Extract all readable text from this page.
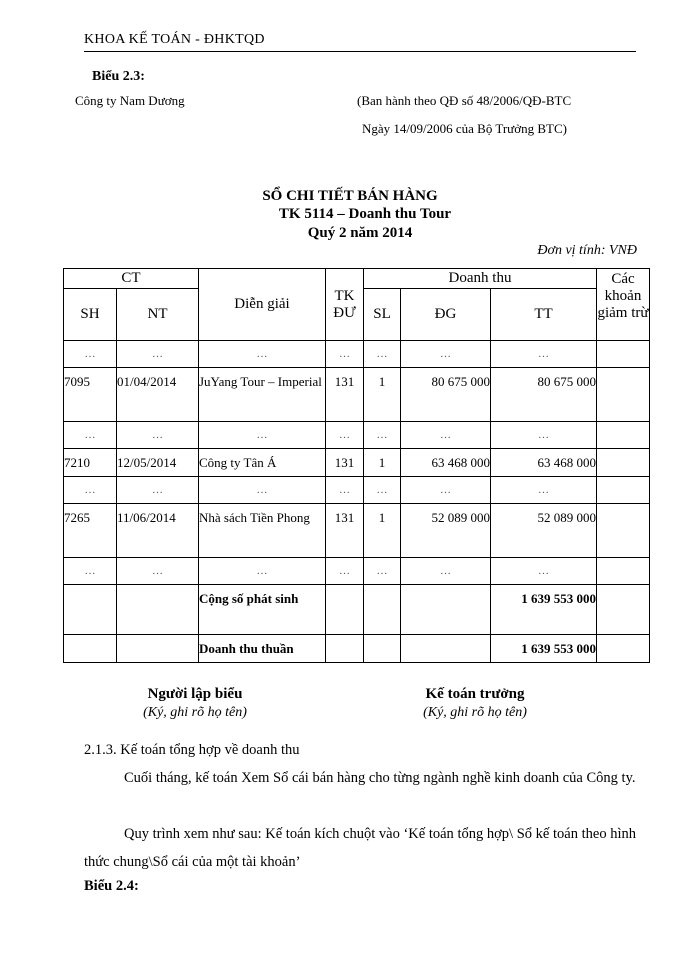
KHOA KẾ TOÁN - ĐHKTQD
Biểu 2.3:
Công ty Nam Dương	(Ban hành theo QĐ số 48/2006/QĐ-BTC
Ngày 14/09/2006 của Bộ Trưởng BTC)
SỔ CHI TIẾT BÁN HÀNG
TK 5114 – Doanh thu Tour
Quý 2 năm 2014
Đơn vị tính: VNĐ
CT		Diễn giải	TK ĐƯ	Doanh thu			Các khoản giảm trừ
SH	NT			SL	ĐG	TT	
…	…	…	…	…	…	…	
7095	01/04/2014	JuYang Tour – Imperial	131	1	80 675 000	80 675 000	
…	…	…	…	…	…	…	
7210	12/05/2014	Công ty Tân Á	131	1	63 468 000	63 468 000	
…	…	…	…	…	…	…	
7265	11/06/2014	Nhà sách Tiền Phong	131	1	52 089 000	52 089 000	
…	…	…	…	…	…	…	
		Cộng số phát sinh				1 639 553 000	
		Doanh thu thuần				1 639 553 000	
Người lập biểu
(Ký, ghi rõ họ tên)
Kế toán trưởng
(Ký, ghi rõ họ tên)
2.1.3. Kế toán tổng hợp về doanh thu
Cuối tháng, kế toán Xem Sổ cái bán hàng cho từng ngành nghề kinh doanh của Công ty.
Quy trình xem như sau: Kế toán kích chuột vào ‘Kế toán tổng hợp\ Sổ kế toán theo hình thức chung\Sổ cái của một tài khoản’
Biểu 2.4:
